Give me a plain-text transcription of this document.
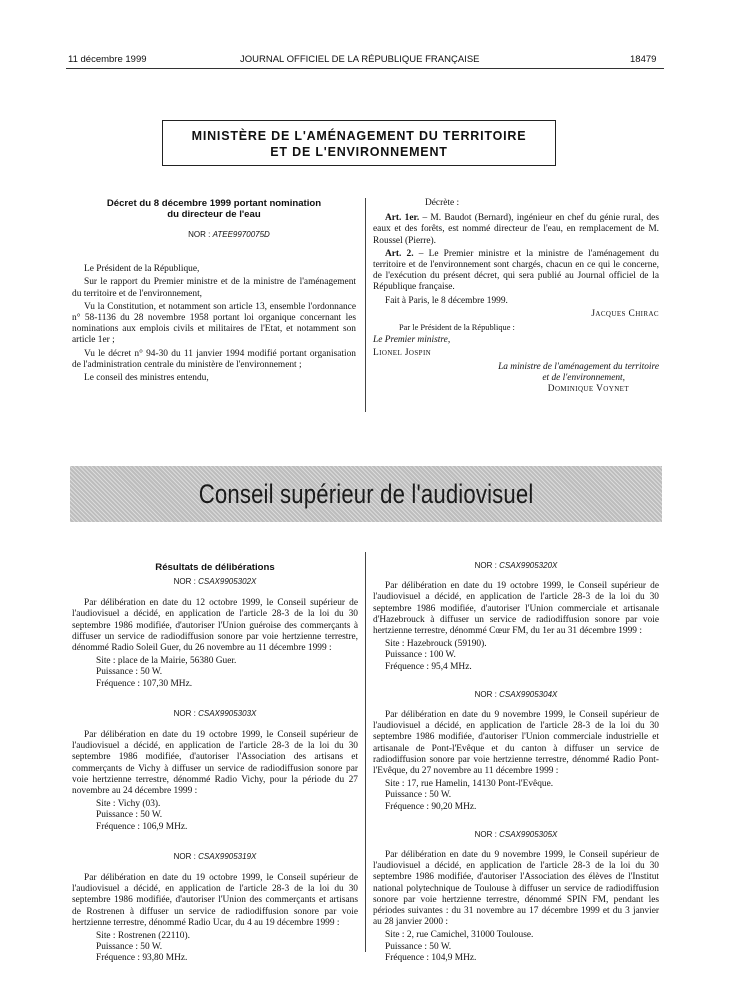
11 décembre 1999	JOURNAL OFFICIEL DE LA RÉPUBLIQUE FRANÇAISE	18479
MINISTÈRE DE L'AMÉNAGEMENT DU TERRITOIRE
ET DE L'ENVIRONNEMENT
Décret du 8 décembre 1999 portant nomination
du directeur de l'eau
NOR : ATEE9970075D

Le Président de la République,

Sur le rapport du Premier ministre et de la ministre de l'aménagement du territoire et de l'environnement,

Vu la Constitution, et notamment son article 13, ensemble l'ordonnance n° 58-1136 du 28 novembre 1958 portant loi organique concernant les nominations aux emplois civils et militaires de l'Etat, et notamment son article 1er ;

Vu le décret n° 94-30 du 11 janvier 1994 modifié portant organisation de l'administration centrale du ministère de l'environnement ;

Le conseil des ministres entendu,

Décrète :

Art. 1er. – M. Baudot (Bernard), ingénieur en chef du génie rural, des eaux et des forêts, est nommé directeur de l'eau, en remplacement de M. Roussel (Pierre).

Art. 2. – Le Premier ministre et la ministre de l'aménagement du territoire et de l'environnement sont chargés, chacun en ce qui le concerne, de l'exécution du présent décret, qui sera publié au Journal officiel de la République française.

Fait à Paris, le 8 décembre 1999.

Jacques Chirac

Par le Président de la République :

Le Premier ministre,

Lionel Jospin

La ministre de l'aménagement du territoire

et de l'environnement,

Dominique Voynet

Conseil supérieur de l'audiovisuel
Résultats de délibérations
NOR : CSAX9905302X

Par délibération en date du 12 octobre 1999, le Conseil supérieur de l'audiovisuel a décidé, en application de l'article 28-3 de la loi du 30 septembre 1986 modifiée, d'autoriser l'Union guéroise des commerçants à diffuser un service de radiodiffusion sonore par voie hertzienne terrestre, dénommé Radio Soleil Guer, du 26 novembre au 11 décembre 1999 :

Site : place de la Mairie, 56380 Guer.

Puissance : 50 W.

Fréquence : 107,30 MHz.

NOR : CSAX9905303X

Par délibération en date du 19 octobre 1999, le Conseil supérieur de l'audiovisuel a décidé, en application de l'article 28-3 de la loi du 30 septembre 1986 modifiée, d'autoriser l'Association des artisans et commerçants de Vichy à diffuser un service de radiodiffusion sonore par voie hertzienne terrestre, dénommé Radio Vichy, pour la période du 27 novembre au 24 décembre 1999 :

Site : Vichy (03).

Puissance : 50 W.

Fréquence : 106,9 MHz.

NOR : CSAX9905319X

Par délibération en date du 19 octobre 1999, le Conseil supérieur de l'audiovisuel a décidé, en application de l'article 28-3 de la loi du 30 septembre 1986 modifiée, d'autoriser l'Union des commerçants et artisans de Rostrenen à diffuser un service de radiodiffusion sonore par voie hertzienne terrestre, dénommé Radio Ucar, du 4 au 19 décembre 1999 :

Site : Rostrenen (22110).

Puissance : 50 W.

Fréquence : 93,80 MHz.

NOR : CSAX9905320X

Par délibération en date du 19 octobre 1999, le Conseil supérieur de l'audiovisuel a décidé, en application de l'article 28-3 de la loi du 30 septembre 1986 modifiée, d'autoriser l'Union commerciale et artisanale d'Hazebrouck à diffuser un service de radiodiffusion sonore par voie hertzienne terrestre, dénommé Cœur FM, du 1er au 31 décembre 1999 :

Site : Hazebrouck (59190).

Puissance : 100 W.

Fréquence : 95,4 MHz.

NOR : CSAX9905304X

Par délibération en date du 9 novembre 1999, le Conseil supérieur de l'audiovisuel a décidé, en application de l'article 28-3 de la loi du 30 septembre 1986 modifiée, d'autoriser l'Union commerciale industrielle et artisanale de Pont-l'Evêque et du canton à diffuser un service de radiodiffusion sonore par voie hertzienne terrestre, dénommé Radio Pont-l'Evêque, du 27 novembre au 11 décembre 1999 :

Site : 17, rue Hamelin, 14130 Pont-l'Evêque.

Puissance : 50 W.

Fréquence : 90,20 MHz.

NOR : CSAX9905305X

Par délibération en date du 9 novembre 1999, le Conseil supérieur de l'audiovisuel a décidé, en application de l'article 28-3 de la loi du 30 septembre 1986 modifiée, d'autoriser l'Association des élèves de l'Institut national polytechnique de Toulouse à diffuser un service de radiodiffusion sonore par voie hertzienne terrestre, dénommé SPIN FM, pendant les périodes suivantes : du 31 novembre au 17 décembre 1999 et du 3 janvier au 28 janvier 2000 :

Site : 2, rue Camichel, 31000 Toulouse.

Puissance : 50 W.

Fréquence : 104,9 MHz.
